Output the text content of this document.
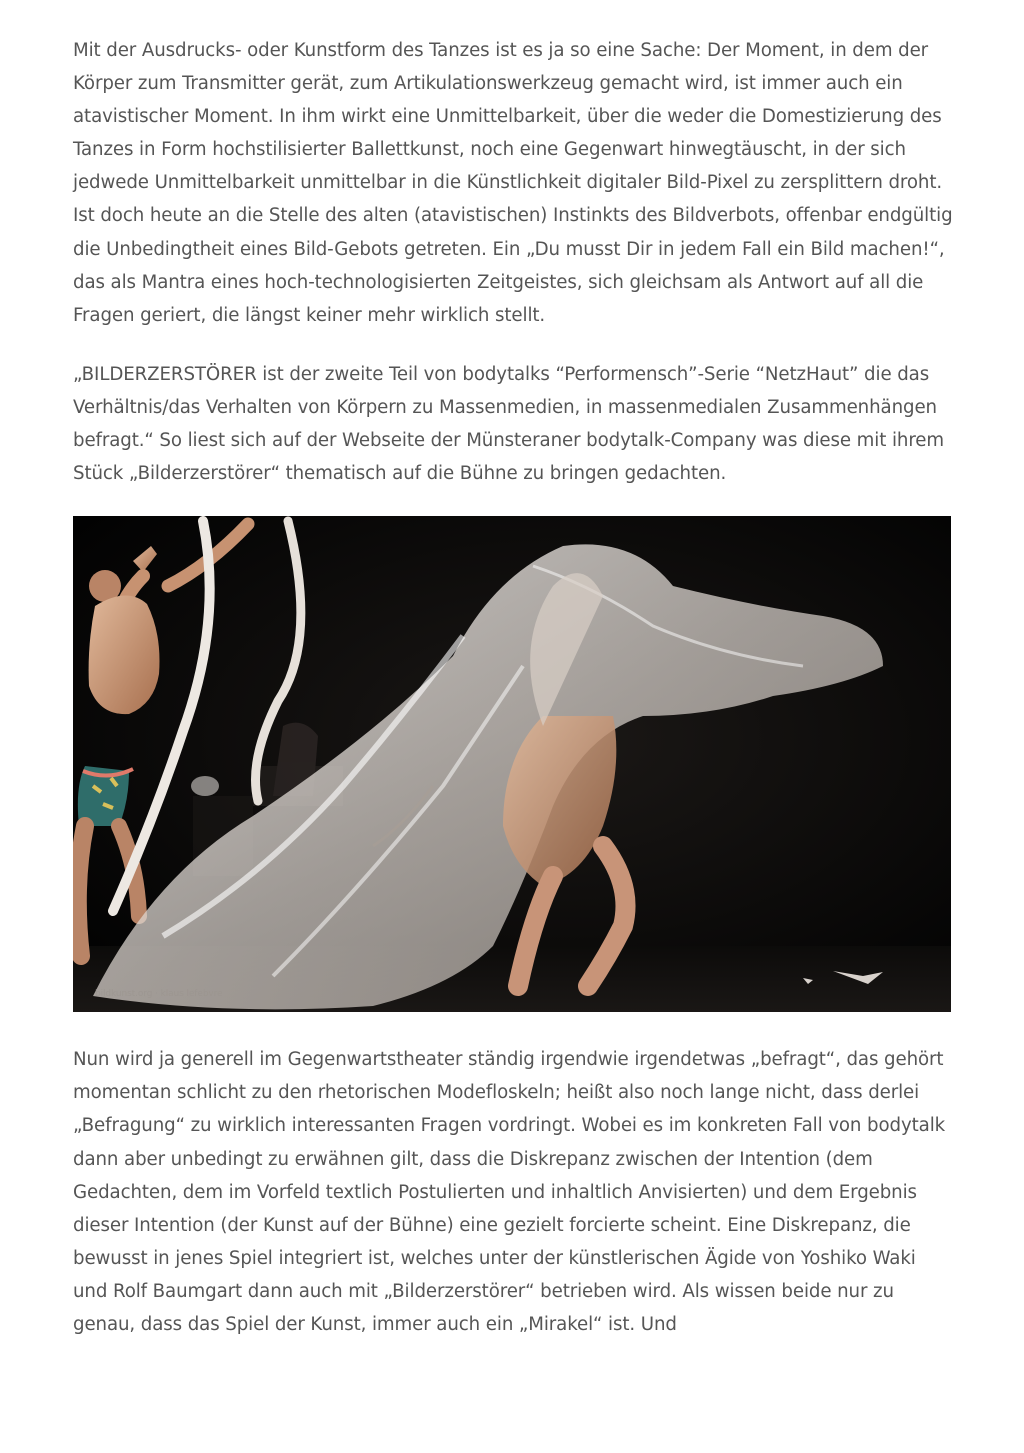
Mit der Ausdrucks- oder Kunstform des Tanzes ist es ja so eine Sache: Der Moment, in dem der Körper zum Transmitter gerät, zum Artikulationswerkzeug gemacht wird, ist immer auch ein atavistischer Moment. In ihm wirkt eine Unmittelbarkeit, über die weder die Domestizierung des Tanzes in Form hochstilisierter Ballettkunst, noch eine Gegenwart hinwegtäuscht, in der sich jedwede Unmittelbarkeit unmittelbar in die Künstlichkeit digitaler Bild-Pixel zu zersplittern droht. Ist doch heute an die Stelle des alten (atavistischen) Instinkts des Bildverbots, offenbar endgültig die Unbedingtheit eines Bild-Gebots getreten. Ein „Du musst Dir in jedem Fall ein Bild machen!“, das als Mantra eines hoch-technologisierten Zeitgeistes, sich gleichsam als Antwort auf all die Fragen geriert, die längst keiner mehr wirklich stellt.

„BILDERZERSTÖRER ist der zweite Teil von bodytalks “Performensch”-Serie “NetzHaut” die das Verhältnis/das Verhalten von Körpern zu Massenmedien, in massenmedialen Zusammenhängen befragt.“ So liest sich auf der Webseite der Münsteraner bodytalk-Company was diese mit ihrem Stück „Bilderzerstörer“ thematisch auf die Bühne zu bringen gedachten.

bildkunst.org · klaus lefebvre

Nun wird ja generell im Gegenwartstheater ständig irgendwie irgendetwas „befragt“, das gehört momentan schlicht zu den rhetorischen Modefloskeln; heißt also noch lange nicht, dass derlei „Befragung“ zu wirklich interessanten Fragen vordringt. Wobei es im konkreten Fall von bodytalk dann aber unbedingt zu erwähnen gilt, dass die Diskrepanz zwischen der Intention (dem Gedachten, dem im Vorfeld textlich Postulierten und inhaltlich Anvisierten) und dem Ergebnis dieser Intention (der Kunst auf der Bühne) eine gezielt forcierte scheint. Eine Diskrepanz, die bewusst in jenes Spiel integriert ist, welches unter der künstlerischen Ägide von Yoshiko Waki und Rolf Baumgart dann auch mit „Bilderzerstörer“ betrieben wird. Als wissen beide nur zu genau, dass das Spiel der Kunst, immer auch ein „Mirakel“ ist. Und
